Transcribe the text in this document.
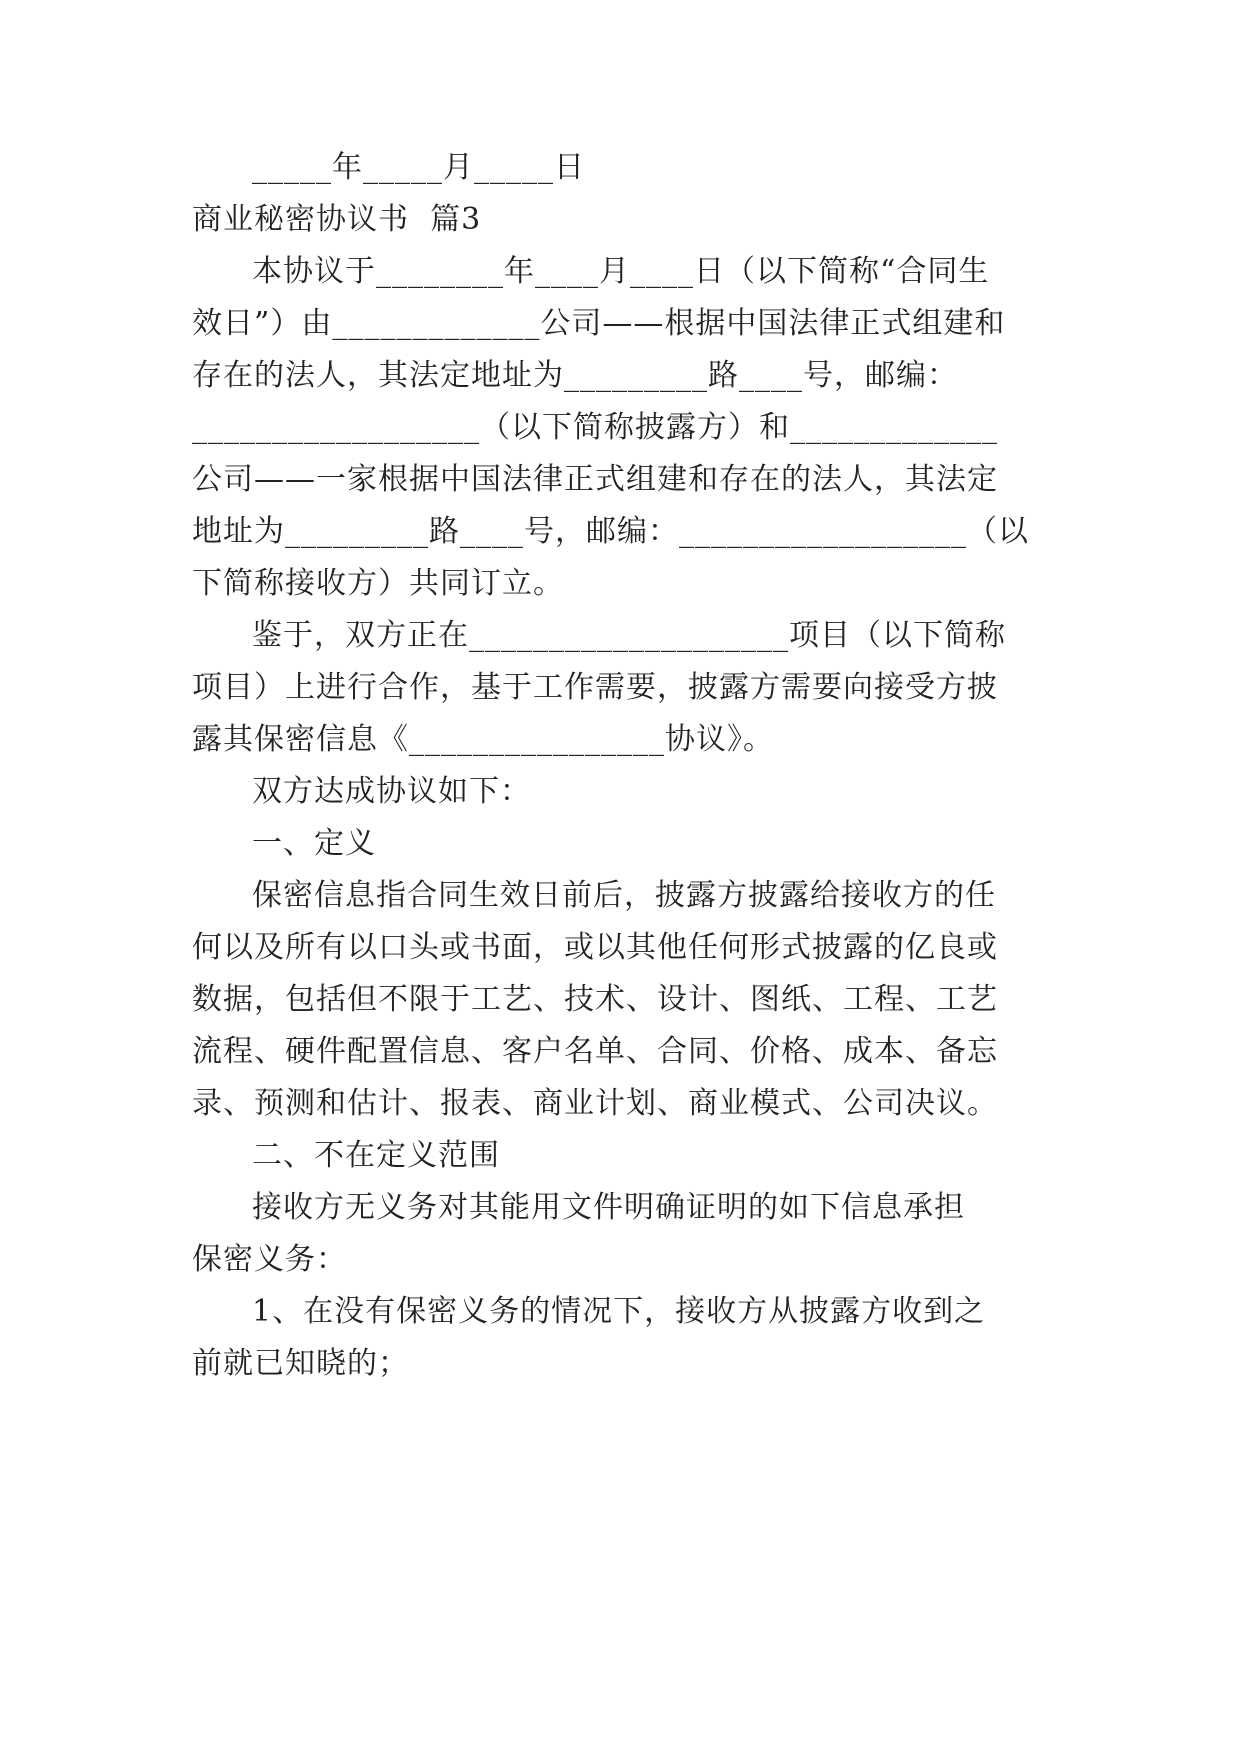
_____年_____月_____日

商业秘密协议书  篇3

本协议于________年____月____日（以下简称“合同生

效日”）由_____________公司——根据中国法律正式组建和

存在的法人，其法定地址为_________路____号，邮编：

__________________（以下简称披露方）和_____________

公司——一家根据中国法律正式组建和存在的法人，其法定

地址为_________路____号，邮编：__________________（以

下简称接收方）共同订立。

鉴于，双方正在____________________项目（以下简称

项目）上进行合作，基于工作需要，披露方需要向接受方披

露其保密信息《________________协议》。

双方达成协议如下：

一、定义

保密信息指合同生效日前后，披露方披露给接收方的任

何以及所有以口头或书面，或以其他任何形式披露的亿良或

数据，包括但不限于工艺、技术、设计、图纸、工程、工艺

流程、硬件配置信息、客户名单、合同、价格、成本、备忘

录、预测和估计、报表、商业计划、商业模式、公司决议。

二、不在定义范围

接收方无义务对其能用文件明确证明的如下信息承担

保密义务：

1、在没有保密义务的情况下，接收方从披露方收到之

前就已知晓的；
